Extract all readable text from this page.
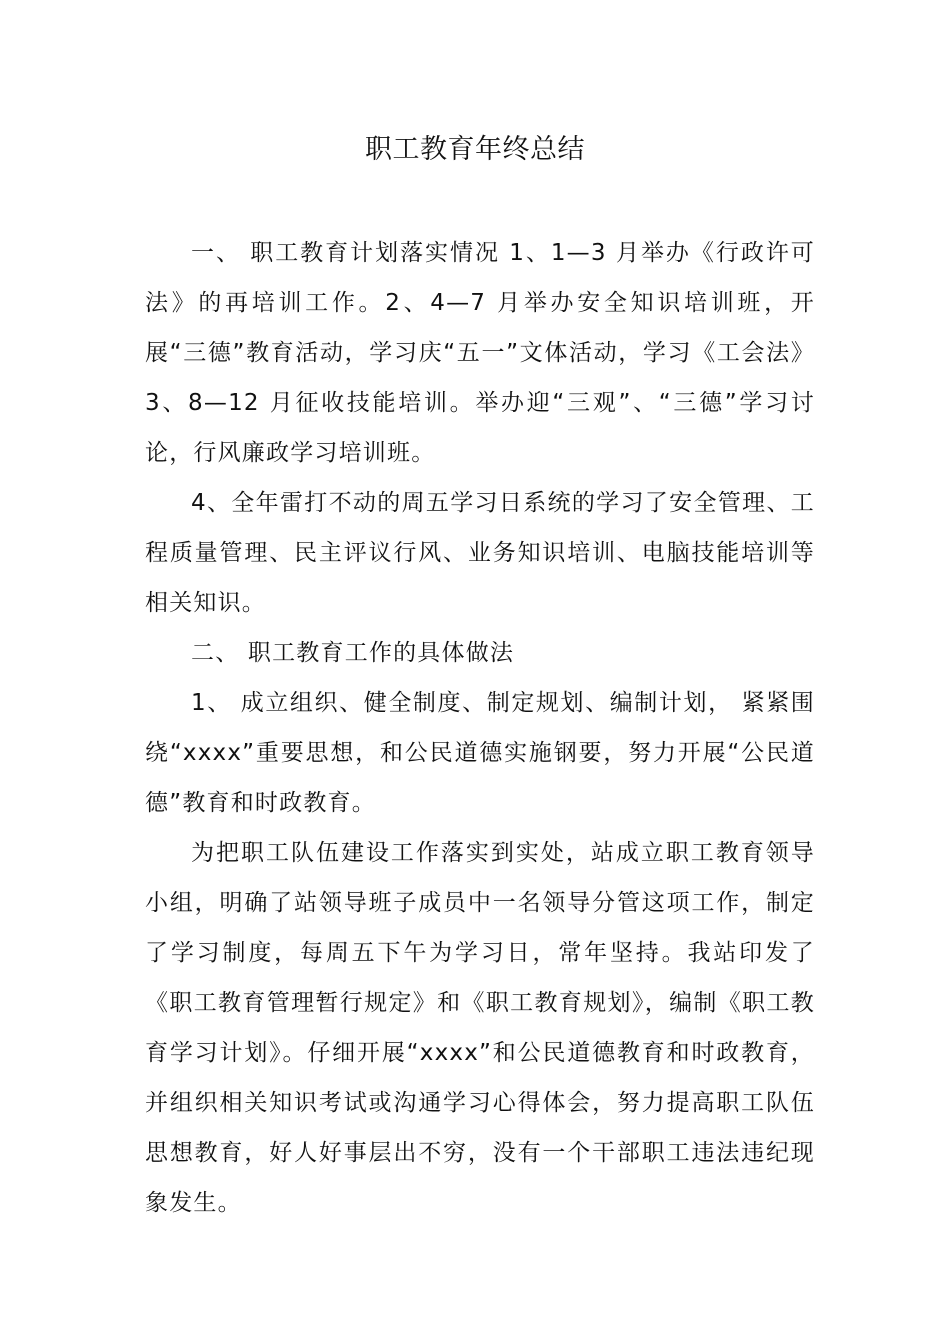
职工教育年终总结

一、 职工教育计划落实情况 1、1—3 月举办《行政许可法》的再培训工作。2、4—7 月举办安全知识培训班，开展“三德”教育活动，学习庆“五一”文体活动，学习《工会法》3、8—12 月征收技能培训。举办迎“三观”、“三德”学习讨论，行风廉政学习培训班。

4、全年雷打不动的周五学习日系统的学习了安全管理、工程质量管理、民主评议行风、业务知识培训、电脑技能培训等相关知识。

二、 职工教育工作的具体做法

1、 成立组织、健全制度、制定规划、编制计划， 紧紧围绕“xxxx”重要思想，和公民道德实施钢要，努力开展“公民道德”教育和时政教育。

为把职工队伍建设工作落实到实处，站成立职工教育领导小组，明确了站领导班子成员中一名领导分管这项工作，制定了学习制度，每周五下午为学习日，常年坚持。我站印发了《职工教育管理暂行规定》和《职工教育规划》，编制《职工教育学习计划》。仔细开展“xxxx”和公民道德教育和时政教育，并组织相关知识考试或沟通学习心得体会，努力提高职工队伍思想教育，好人好事层出不穷，没有一个干部职工违法违纪现象发生。
